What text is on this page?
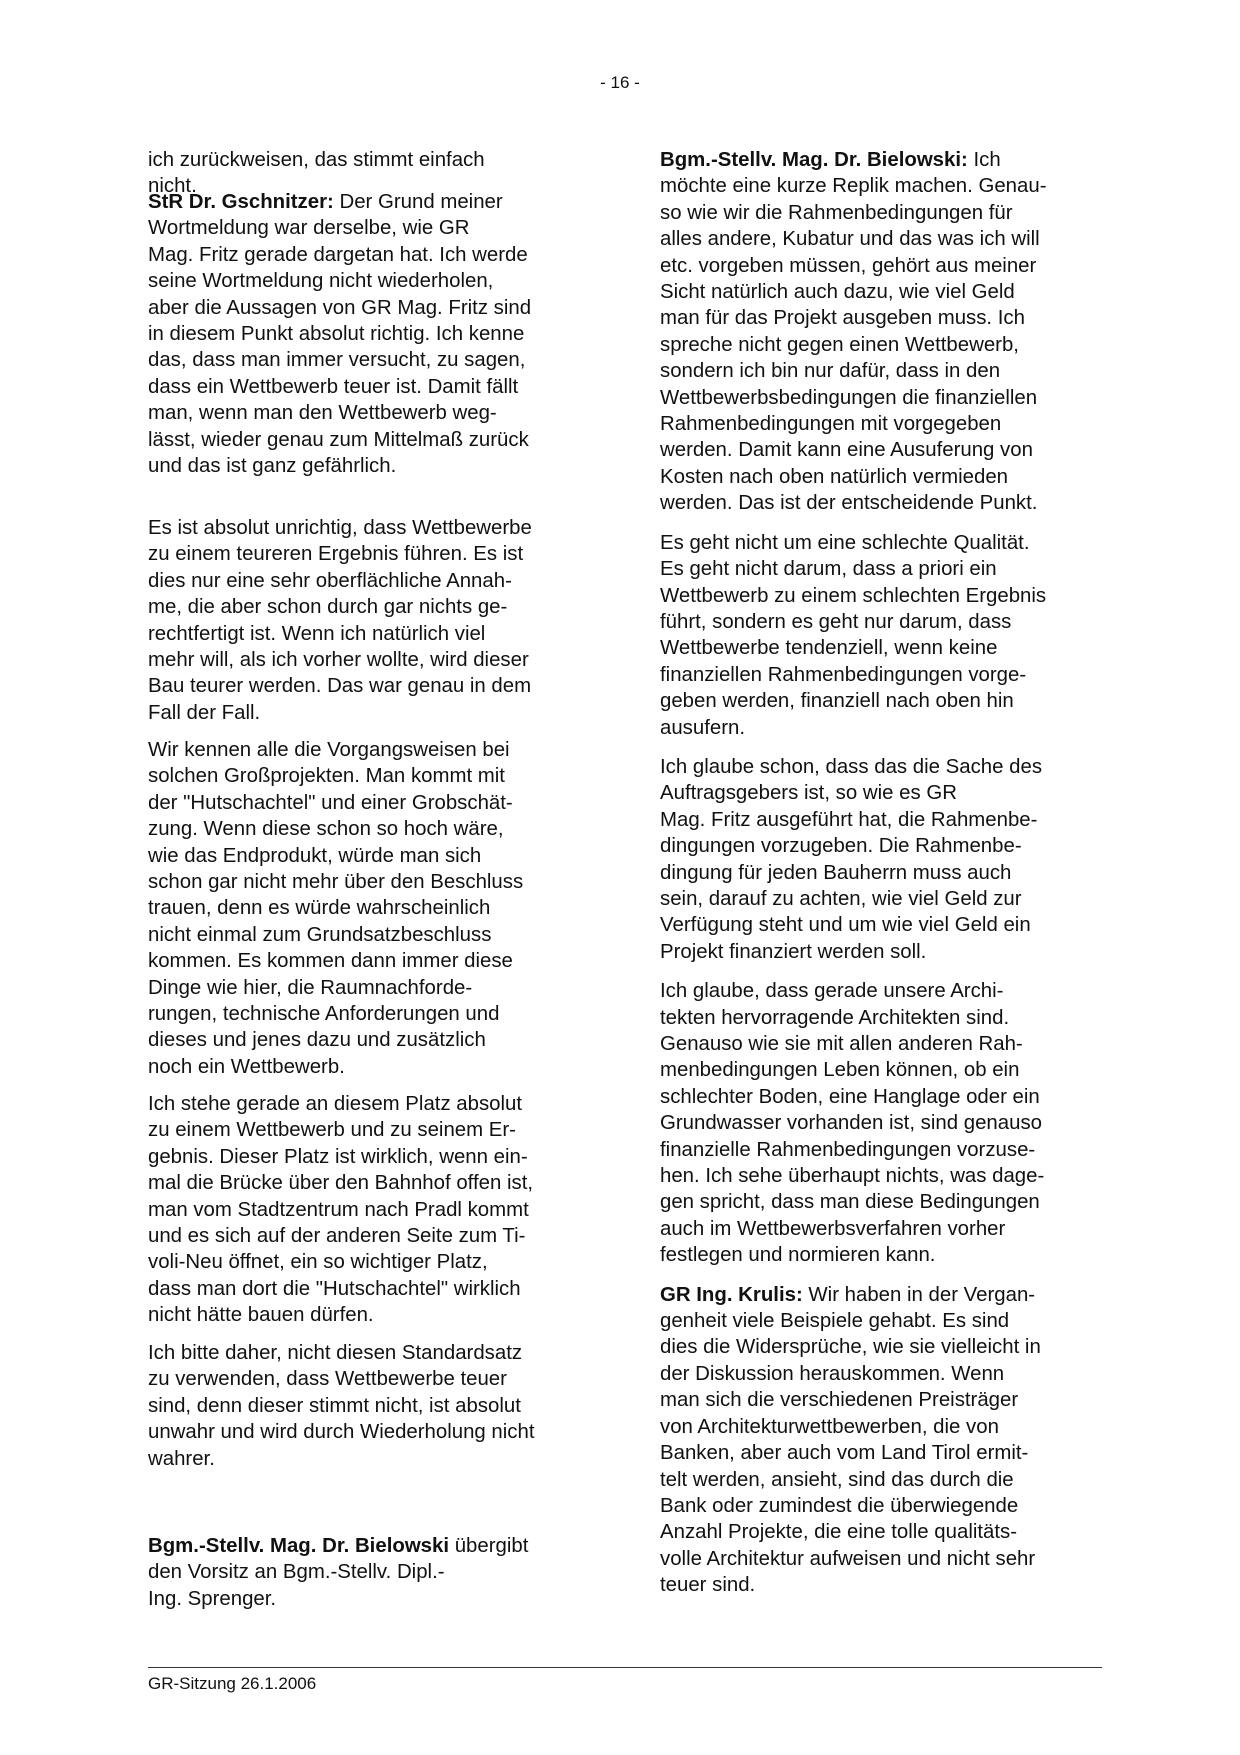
- 16 -
ich zurückweisen, das stimmt einfach
nicht.
StR Dr. Gschnitzer: Der Grund meiner
Wortmeldung war derselbe, wie GR
Mag. Fritz gerade dargetan hat. Ich werde
seine Wortmeldung nicht wiederholen,
aber die Aussagen von GR Mag. Fritz sind
in diesem Punkt absolut richtig. Ich kenne
das, dass man immer versucht, zu sagen,
dass ein Wettbewerb teuer ist. Damit fällt
man, wenn man den Wettbewerb weg-
lässt, wieder genau zum Mittelmaß zurück
und das ist ganz gefährlich.
Es ist absolut unrichtig, dass Wettbewerbe
zu einem teureren Ergebnis führen. Es ist
dies nur eine sehr oberflächliche Annah-
me, die aber schon durch gar nichts ge-
rechtfertigt ist. Wenn ich natürlich viel
mehr will, als ich vorher wollte, wird dieser
Bau teurer werden. Das war genau in dem
Fall der Fall.
Wir kennen alle die Vorgangsweisen bei
solchen Großprojekten. Man kommt mit
der "Hutschachtel" und einer Grobschät-
zung. Wenn diese schon so hoch wäre,
wie das Endprodukt, würde man sich
schon gar nicht mehr über den Beschluss
trauen, denn es würde wahrscheinlich
nicht einmal zum Grundsatzbeschluss
kommen. Es kommen dann immer diese
Dinge wie hier, die Raumnachforde-
rungen, technische Anforderungen und
dieses und jenes dazu und zusätzlich
noch ein Wettbewerb.
Ich stehe gerade an diesem Platz absolut
zu einem Wettbewerb und zu seinem Er-
gebnis. Dieser Platz ist wirklich, wenn ein-
mal die Brücke über den Bahnhof offen ist,
man vom Stadtzentrum nach Pradl kommt
und es sich auf der anderen Seite zum Ti-
voli-Neu öffnet, ein so wichtiger Platz,
dass man dort die "Hutschachtel" wirklich
nicht hätte bauen dürfen.
Ich bitte daher, nicht diesen Standardsatz
zu verwenden, dass Wettbewerbe teuer
sind, denn dieser stimmt nicht, ist absolut
unwahr und wird durch Wiederholung nicht
wahrer.
Bgm.-Stellv. Mag. Dr. Bielowski übergibt
den Vorsitz an Bgm.-Stellv. Dipl.-
Ing. Sprenger.
Bgm.-Stellv. Mag. Dr. Bielowski: Ich
möchte eine kurze Replik machen. Genau-
so wie wir die Rahmenbedingungen für
alles andere, Kubatur und das was ich will
etc. vorgeben müssen, gehört aus meiner
Sicht natürlich auch dazu, wie viel Geld
man für das Projekt ausgeben muss. Ich
spreche nicht gegen einen Wettbewerb,
sondern ich bin nur dafür, dass in den
Wettbewerbsbedingungen die finanziellen
Rahmenbedingungen mit vorgegeben
werden. Damit kann eine Ausuferung von
Kosten nach oben natürlich vermieden
werden. Das ist der entscheidende Punkt.
Es geht nicht um eine schlechte Qualität.
Es geht nicht darum, dass a priori ein
Wettbewerb zu einem schlechten Ergebnis
führt, sondern es geht nur darum, dass
Wettbewerbe tendenziell, wenn keine
finanziellen Rahmenbedingungen vorge-
geben werden, finanziell nach oben hin
ausufern.
Ich glaube schon, dass das die Sache des
Auftragsgebers ist, so wie es GR
Mag. Fritz ausgeführt hat, die Rahmenbe-
dingungen vorzugeben. Die Rahmenbe-
dingung für jeden Bauherrn muss auch
sein, darauf zu achten, wie viel Geld zur
Verfügung steht und um wie viel Geld ein
Projekt finanziert werden soll.
Ich glaube, dass gerade unsere Archi-
tekten hervorragende Architekten sind.
Genauso wie sie mit allen anderen Rah-
menbedingungen Leben können, ob ein
schlechter Boden, eine Hanglage oder ein
Grundwasser vorhanden ist, sind genauso
finanzielle Rahmenbedingungen vorzuse-
hen. Ich sehe überhaupt nichts, was dage-
gen spricht, dass man diese Bedingungen
auch im Wettbewerbsverfahren vorher
festlegen und normieren kann.
GR Ing. Krulis: Wir haben in der Vergan-
genheit viele Beispiele gehabt. Es sind
dies die Widersprüche, wie sie vielleicht in
der Diskussion herauskommen. Wenn
man sich die verschiedenen Preisträger
von Architekturwettbewerben, die von
Banken, aber auch vom Land Tirol ermit-
telt werden, ansieht, sind das durch die
Bank oder zumindest die überwiegende
Anzahl Projekte, die eine tolle qualitäts-
volle Architektur aufweisen und nicht sehr
teuer sind.
GR-Sitzung 26.1.2006
